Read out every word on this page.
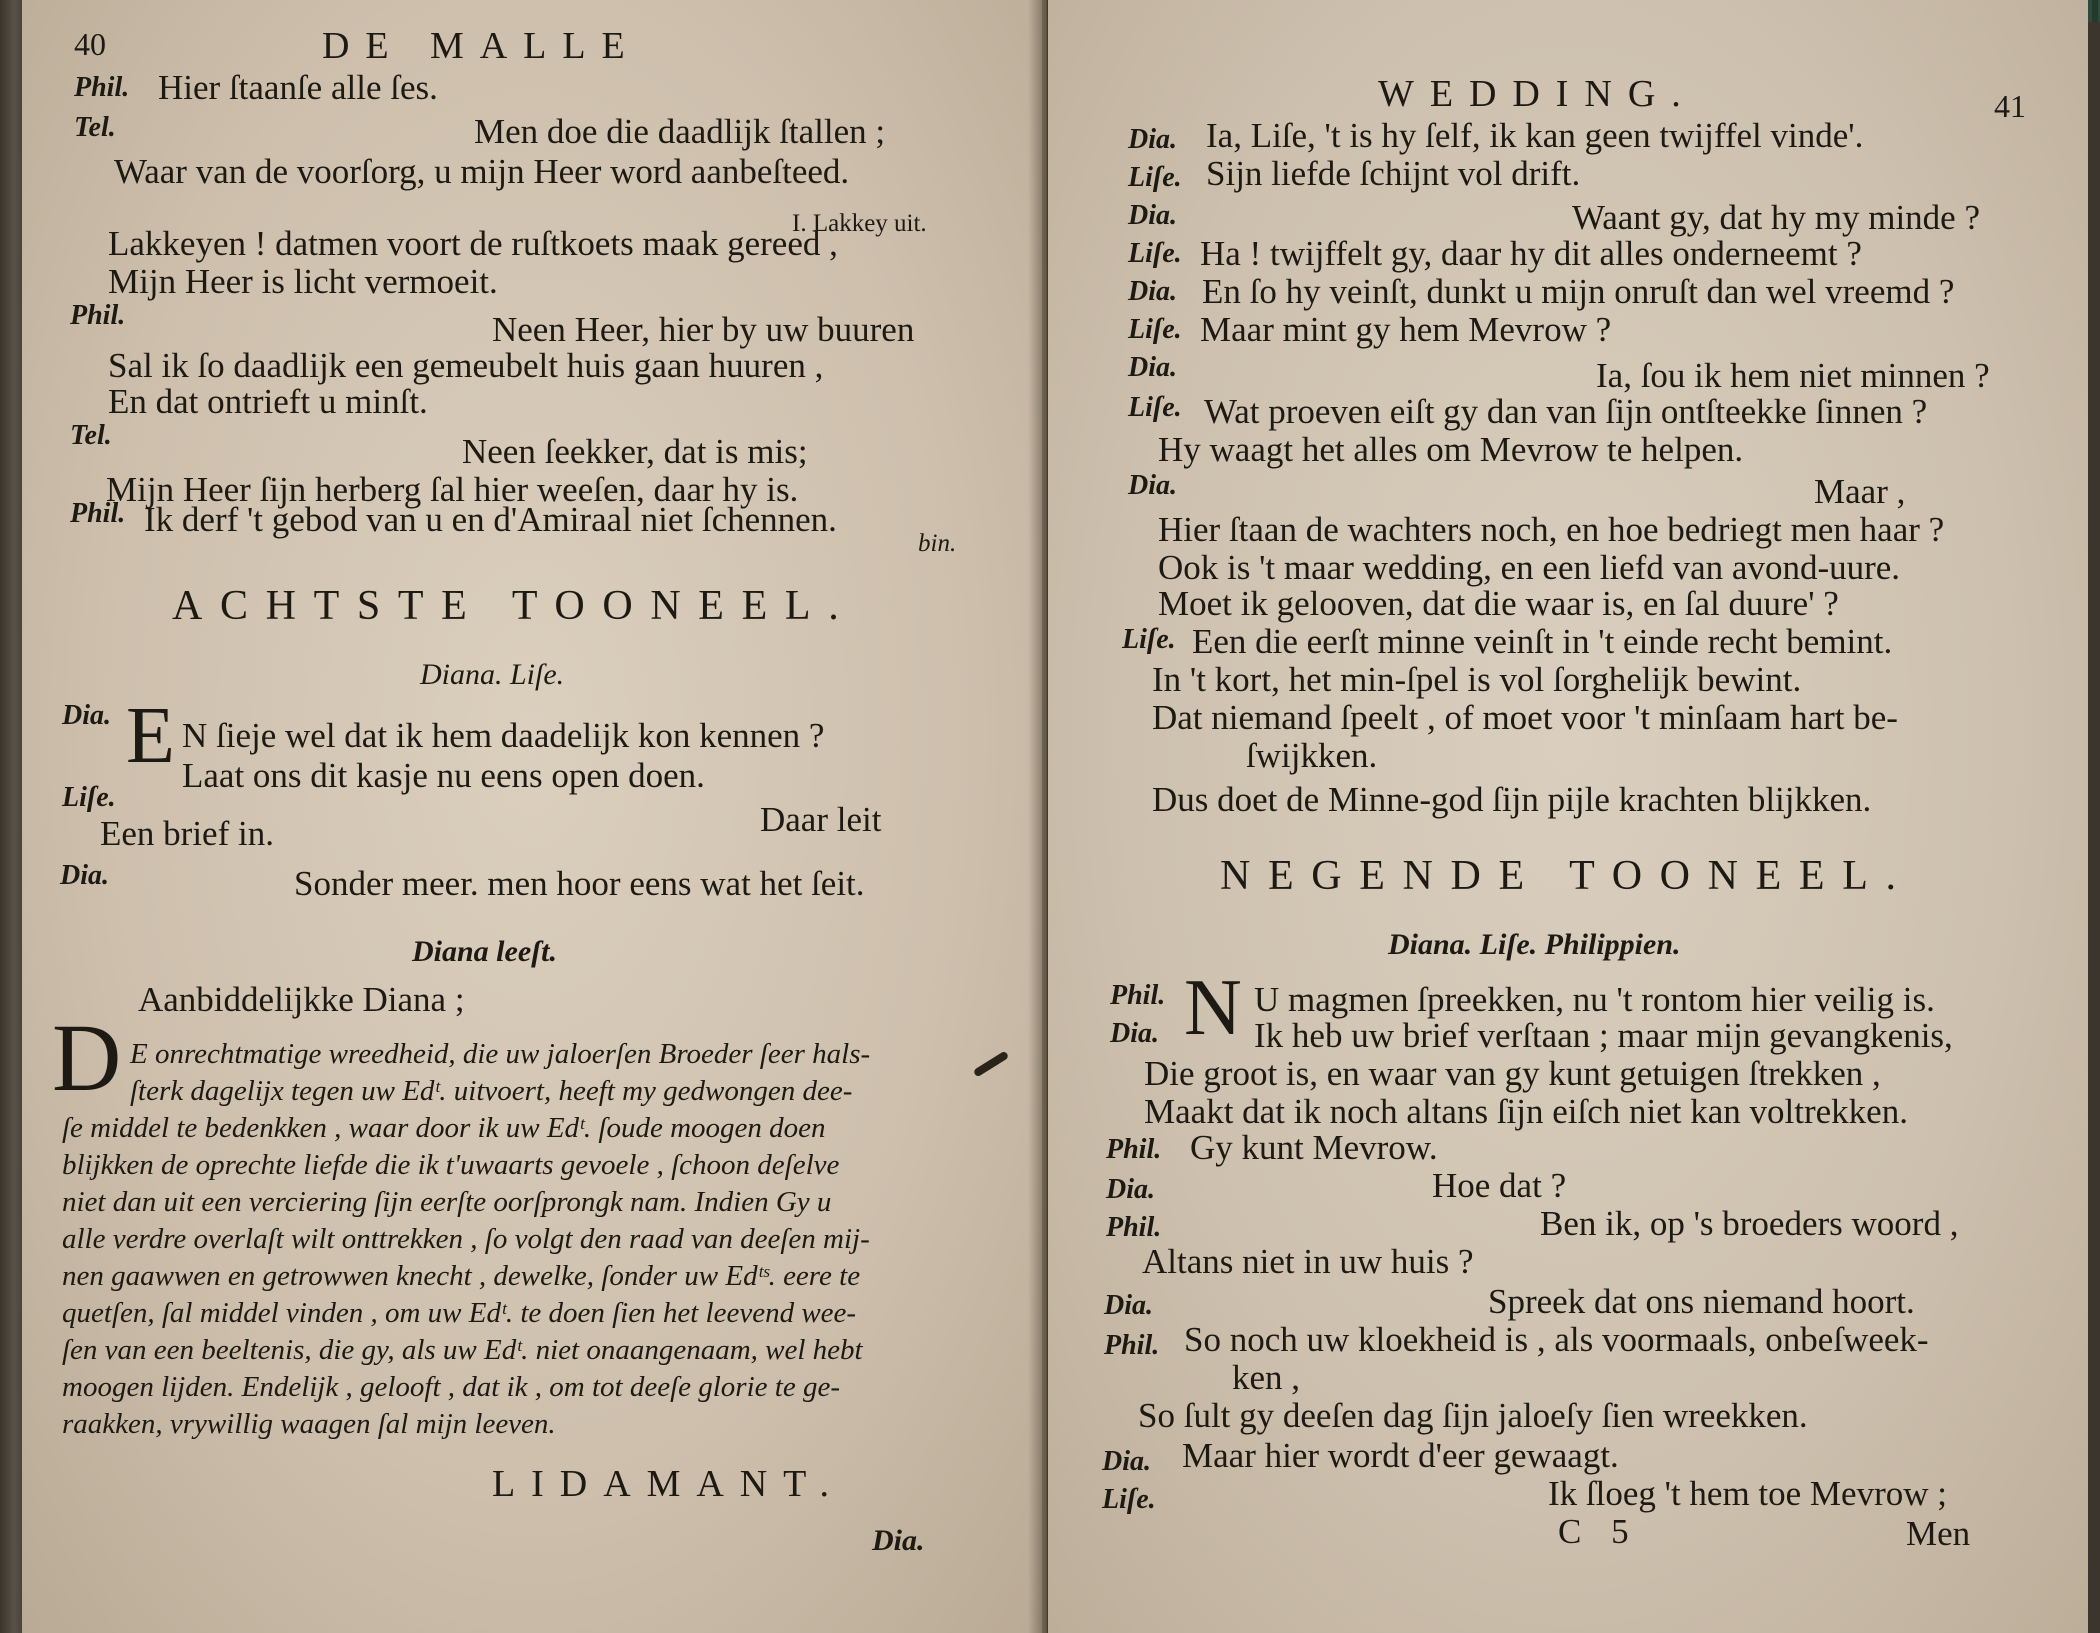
40	DE MALLE
Phil.
Tel.
Phil.
Tel.
Phil.
Hier ſtaanſe alle ſes.
Men doe die daadlijk ſtallen ;
Waar van de voorſorg, u mijn Heer word aanbeſteed.
I. Lakkey uit.
Lakkeyen ! datmen voort de ruſtkoets maak gereed ,
Mijn Heer is licht vermoeit.
Neen Heer, hier by uw buuren
Sal ik ſo daadlijk een gemeubelt huis gaan huuren ,
En dat ontrieft u minſt.
Neen ſeekker, dat is mis;
Mijn Heer ſijn herberg ſal hier weeſen, daar hy is.
Ik derf 't gebod van u en d'Amiraal niet ſchennen.
bin.
ACHTSTE TOONEEL.
Diana. Liſe.
Dia. E N ſieje wel dat ik hem daadelijk kon kennen ?
Laat ons dit kasje nu eens open doen.
Liſe.
Daar leit
Een brief in.
Dia.	Sonder meer. men hoor eens wat het ſeit.
Diana leeſt.
Aanbiddelijkke Diana ;
D E onrechtmatige wreedheid, die uw jaloerſen Broeder ſeer hals-
ſterk dagelijx tegen uw Edᵗ. uitvoert, heeft my gedwongen dee-
ſe middel te bedenkken , waar door ik uw Edᵗ. ſoude moogen doen
blijkken de oprechte liefde die ik t'uwaarts gevoele , ſchoon deſelve
niet dan uit een verciering ſijn eerſte oorſprongk nam. Indien Gy u
alle verdre overlaſt wilt onttrekken , ſo volgt den raad van deeſen mij-
nen gaawwen en getrowwen knecht , dewelke, ſonder uw Edᵗˢ. eere te
quetſen, ſal middel vinden , om uw Edᵗ. te doen ſien het leevend wee-
ſen van een beeltenis, die gy, als uw Edᵗ. niet onaangenaam, wel hebt
moogen lijden. Endelijk , gelooft , dat ik , om tot deeſe glorie te ge-
raakken, vrywillig waagen ſal mijn leeven.
LIDAMANT.
Dia.
WEDDING.	41
Dia.
Liſe.
Dia.
Liſe.
Dia.
Liſe.
Dia.
Liſe.
Dia.
Liſe.
Ia, Liſe, 't is hy ſelf, ik kan geen twijffel vinde'.
Sijn liefde ſchijnt vol drift.
Waant gy, dat hy my minde ?
Ha ! twijffelt gy, daar hy dit alles onderneemt ?
En ſo hy veinſt, dunkt u mijn onruſt dan wel vreemd ?
Maar mint gy hem Mevrow ?
Ia, ſou ik hem niet minnen ?
Wat proeven eiſt gy dan van ſijn ontſteekke ſinnen ?
Hy waagt het alles om Mevrow te helpen.
Maar ,
Hier ſtaan de wachters noch, en hoe bedriegt men haar ?
Ook is 't maar wedding, en een liefd van avond-uure.
Moet ik gelooven, dat die waar is, en ſal duure' ?
Een die eerſt minne veinſt in 't einde recht bemint.
In 't kort, het min-ſpel is vol ſorghelijk bewint.
Dat niemand ſpeelt , of moet voor 't minſaam hart be-
ſwijkken.
Dus doet de Minne-god ſijn pijle krachten blijkken.
NEGENDE TOONEEL.
Diana. Liſe. Philippien.
Phil.
Dia. N U magmen ſpreekken, nu 't rontom hier veilig is.
Ik heb uw brief verſtaan ; maar mijn gevangkenis,
Die groot is, en waar van gy kunt getuigen ſtrekken ,
Maakt dat ik noch altans ſijn eiſch niet kan voltrekken.
Phil. Gy kunt Mevrow.
Dia.	Hoe dat ?
Phil.	Ben ik, op 's broeders woord ,
Altans niet in uw huis ?
Dia.	Spreek dat ons niemand hoort.
Phil. So noch uw kloekheid is , als voormaals, onbeſweek-
ken ,
So ſult gy deeſen dag ſijn jaloeſy ſien wreekken.
Dia. Maar hier wordt d'eer gewaagt.
Liſe.	Ik ſloeg 't hem toe Mevrow ;
C 5	Men
